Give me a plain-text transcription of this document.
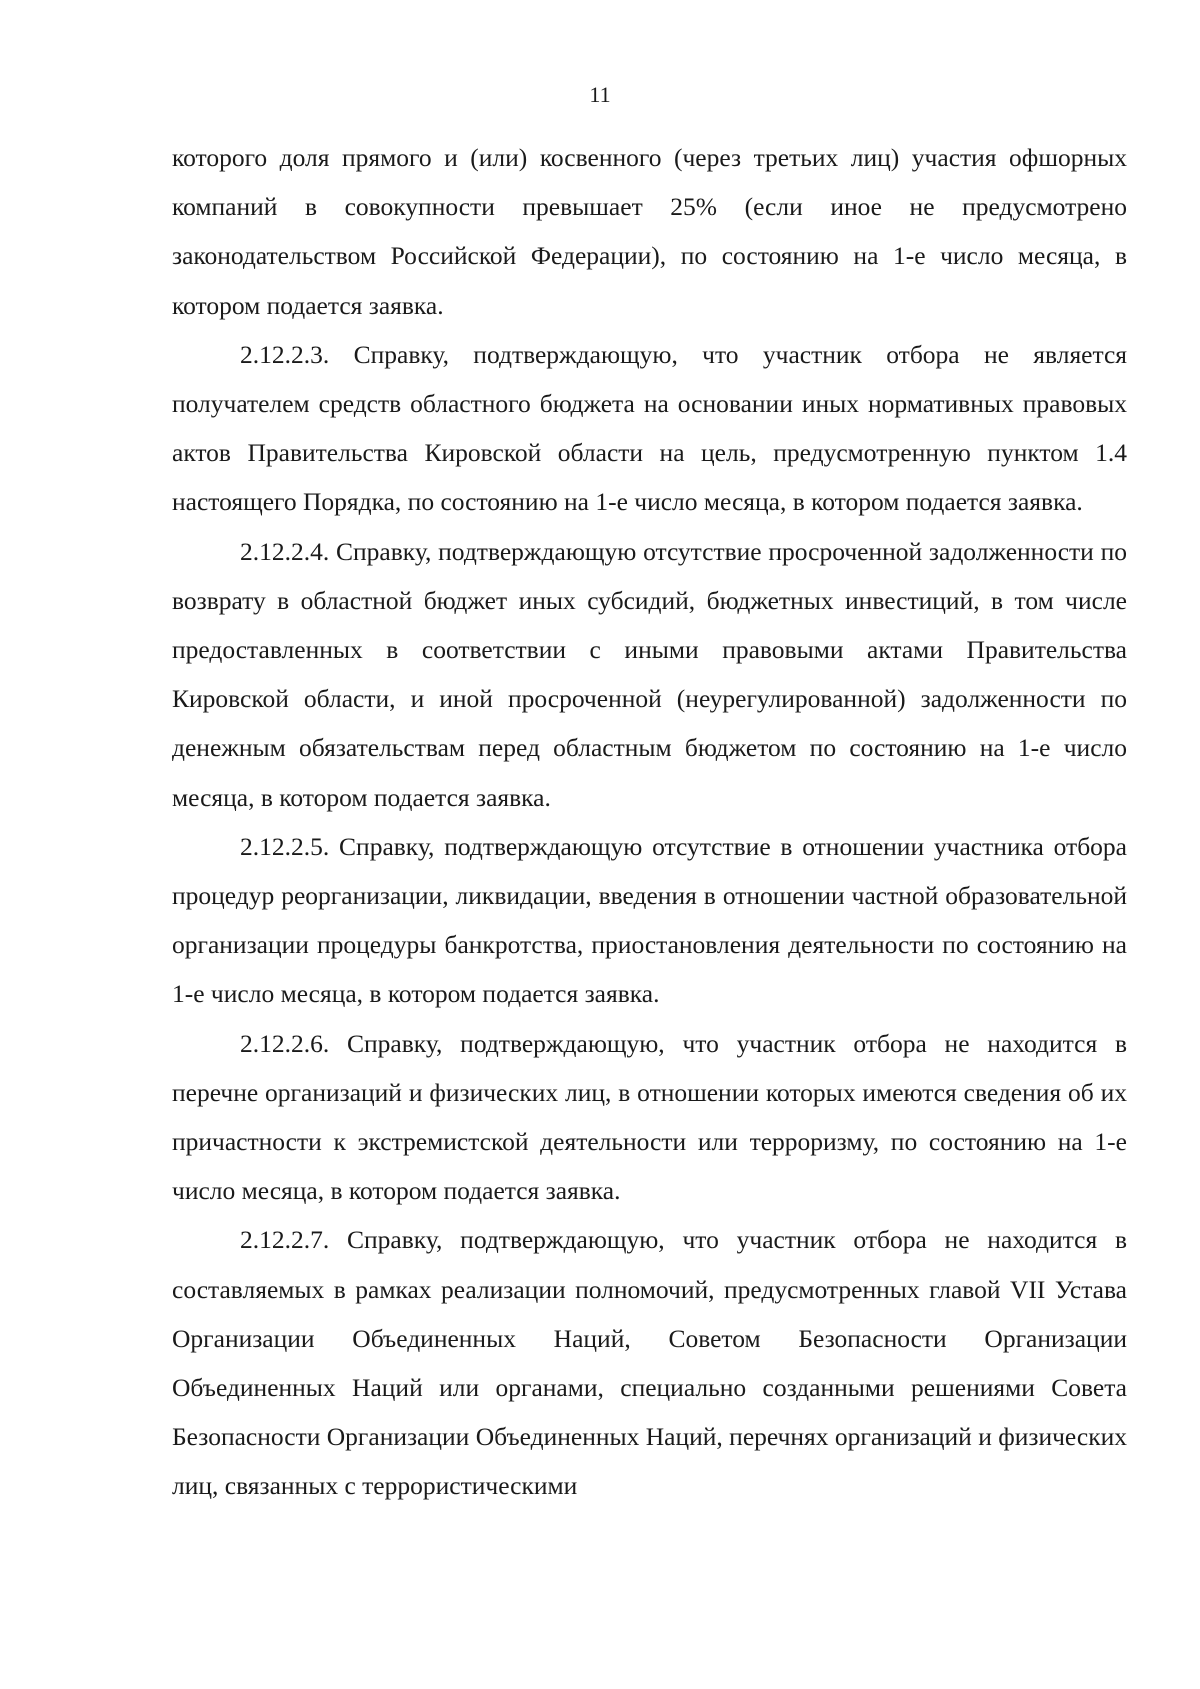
11

которого доля прямого и (или) косвенного (через третьих лиц) участия офшорных компаний в совокупности превышает 25% (если иное не предусмотрено законодательством Российской Федерации), по состоянию на 1-е число месяца, в котором подается заявка.

2.12.2.3. Справку, подтверждающую, что участник отбора не является получателем средств областного бюджета на основании иных нормативных правовых актов Правительства Кировской области на цель, предусмотренную пунктом 1.4 настоящего Порядка, по состоянию на 1-е число месяца, в котором подается заявка.

2.12.2.4. Справку, подтверждающую отсутствие просроченной задолженности по возврату в областной бюджет иных субсидий, бюджетных инвестиций, в том числе предоставленных в соответствии с иными правовыми актами Правительства Кировской области, и иной просроченной (неурегулированной) задолженности по денежным обязательствам перед областным бюджетом по состоянию на 1-е число месяца, в котором подается заявка.

2.12.2.5. Справку, подтверждающую отсутствие в отношении участника отбора процедур реорганизации, ликвидации, введения в отношении частной образовательной организации процедуры банкротства, приостановления деятельности по состоянию на 1-е число месяца, в котором подается заявка.

2.12.2.6. Справку, подтверждающую, что участник отбора не находится в перечне организаций и физических лиц, в отношении которых имеются сведения об их причастности к экстремистской деятельности или терроризму, по состоянию на 1-е число месяца, в котором подается заявка.

2.12.2.7. Справку, подтверждающую, что участник отбора не находится в составляемых в рамках реализации полномочий, предусмотренных главой VII Устава Организации Объединенных Наций, Советом Безопасности Организации Объединенных Наций или органами, специально созданными решениями Совета Безопасности Организации Объединенных Наций, перечнях организаций и физических лиц, связанных с террористическими
